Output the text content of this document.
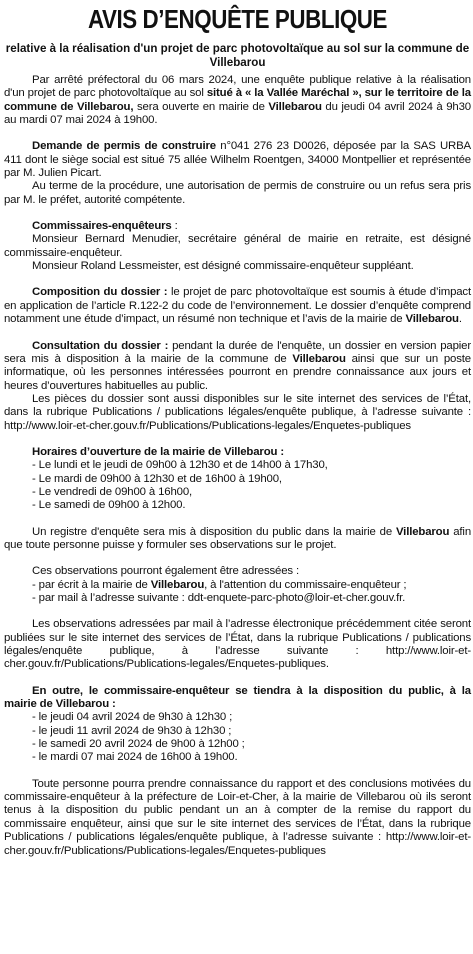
AVIS D’ENQUÊTE PUBLIQUE
relative à la réalisation d'un projet de parc photovoltaïque au sol sur la commune de Villebarou

Par arrêté préfectoral du 06 mars 2024, une enquête publique relative à la réalisation d'un projet de parc photovoltaïque au sol situé à « la Vallée Maréchal », sur le territoire de la commune de Villebarou, sera ouverte en mairie de Villebarou du jeudi 04 avril 2024 à 9h30 au mardi 07 mai 2024 à 19h00.

Demande de permis de construire n°041 276 23 D0026, déposée par la SAS URBA 411 dont le siège social est situé 75 allée Wilhelm Roentgen, 34000 Montpellier et représentée par M. Julien Picart.

Au terme de la procédure, une autorisation de permis de construire ou un refus sera pris par M. le préfet, autorité compétente.

Commissaires-enquêteurs :

Monsieur Bernard Menudier, secrétaire général de mairie en retraite, est désigné commissaire-enquêteur.

Monsieur Roland Lessmeister, est désigné commissaire-enquêteur suppléant.

Composition du dossier : le projet de parc photovoltaïque est soumis à étude d’impact en application de l’article R.122-2 du code de l’environnement. Le dossier d’enquête comprend notamment une étude d’impact, un résumé non technique et l’avis de la mairie de Villebarou.

Consultation du dossier : pendant la durée de l'enquête, un dossier en version papier sera mis à disposition à la mairie de la commune de Villebarou ainsi que sur un poste informatique, où les personnes intéressées pourront en prendre connaissance aux jours et heures d’ouvertures habituelles au public.

Les pièces du dossier sont aussi disponibles sur le site internet des services de l’État, dans la rubrique Publications / publications légales/enquête publique, à l’adresse suivante : http://www.loir-et-cher.gouv.fr/Publications/Publications-legales/Enquetes-publiques

Horaires d’ouverture de la mairie de Villebarou :

- Le lundi et le jeudi de 09h00 à 12h30 et de 14h00 à 17h30,
- Le mardi de 09h00 à 12h30 et de 16h00 à 19h00,
- Le vendredi de 09h00 à 16h00,
- Le samedi de 09h00 à 12h00.

Un registre d'enquête sera mis à disposition du public dans la mairie de Villebarou afin que toute personne puisse y formuler ses observations sur le projet.

Ces observations pourront également être adressées :

- par écrit à la mairie de Villebarou, à l'attention du commissaire-enquêteur ;

- par mail à l’adresse suivante : ddt-enquete-parc-photo@loir-et-cher.gouv.fr.

Les observations adressées par mail à l’adresse électronique précédemment citée seront publiées sur le site internet des services de l’État, dans la rubrique Publications / publications légales/enquête publique, à l’adresse suivante : http://www.loir-et-cher.gouv.fr/Publications/Publications-legales/Enquetes-publiques.

En outre, le commissaire-enquêteur se tiendra à la disposition du public, à la mairie de Villebarou :

- le jeudi 04 avril 2024 de 9h30 à 12h30 ;
- le jeudi 11 avril 2024 de 9h30 à 12h30 ;
- le samedi 20 avril 2024 de 9h00 à 12h00 ;
- le mardi 07 mai 2024 de 16h00 à 19h00.

Toute personne pourra prendre connaissance du rapport et des conclusions motivées du commissaire-enquêteur à la préfecture de Loir-et-Cher, à la mairie de Villebarou où ils seront tenus à la disposition du public pendant un an à compter de la remise du rapport du commissaire enquêteur, ainsi que sur le site internet des services de l’État, dans la rubrique Publications / publications légales/enquête publique, à l’adresse suivante : http://www.loir-et-cher.gouv.fr/Publications/Publications-legales/Enquetes-publiques
